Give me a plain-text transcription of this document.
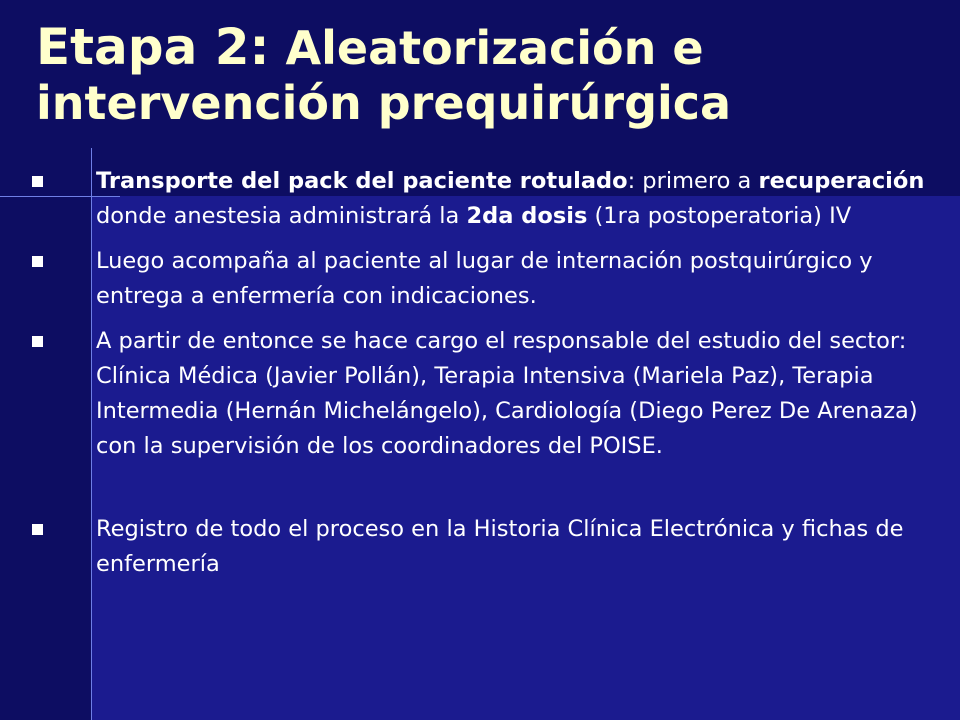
Etapa 2: Aleatorización e intervención prequirúrgica
Transporte del pack del paciente rotulado: primero a recuperación donde anestesia administrará la 2da dosis (1ra postoperatoria) IV
Luego acompaña al paciente al lugar de internación postquirúrgico y entrega a enfermería con indicaciones.
A partir de entonce se hace cargo el responsable del estudio del sector: Clínica Médica (Javier Pollán), Terapia Intensiva (Mariela Paz), Terapia Intermedia (Hernán Michelángelo), Cardiología (Diego Perez De Arenaza) con la supervisión de los coordinadores del POISE.
Registro de todo el proceso en la Historia Clínica Electrónica y fichas de enfermería
